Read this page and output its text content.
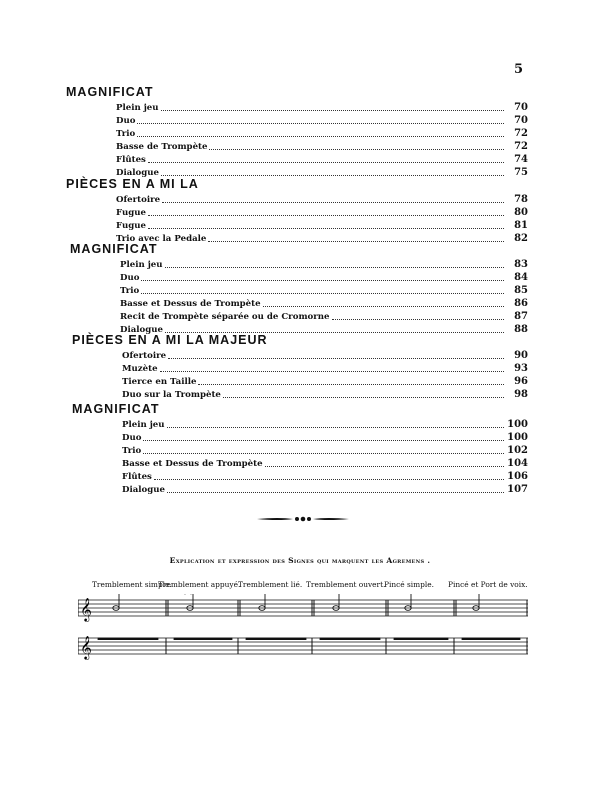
5
MAGNIFICAT
Plein jeu	70
Duo	70
Trio	72
Basse de Trompète	72
Flûtes	74
Dialogue	75
PIÈCES EN A MI LA
Ofertoire	78
Fugue	80
Fugue	81
Trio avec la Pedale	82
MAGNIFICAT
Plein jeu	83
Duo	84
Trio	85
Basse et Dessus de Trompète	86
Recit de Trompète séparée ou de Cromorne	87
Dialogue	88
PIÈCES EN A MI LA MAJEUR
Ofertoire	90
Muzète	93
Tierce en Taille	96
Duo sur la Trompète	98
MAGNIFICAT
Plein jeu	100
Duo	100
Trio	102
Basse et Dessus de Trompète	104
Flûtes	106
Dialogue	107
Explication et expression des Signes qui marquent les Agremens .
Tremblement simple.
Tremblement appuyé.
Tremblement lié. Tremblement ouvert.
Pincé simple. Pincé et Port de voix.
𝄞
𝄞
